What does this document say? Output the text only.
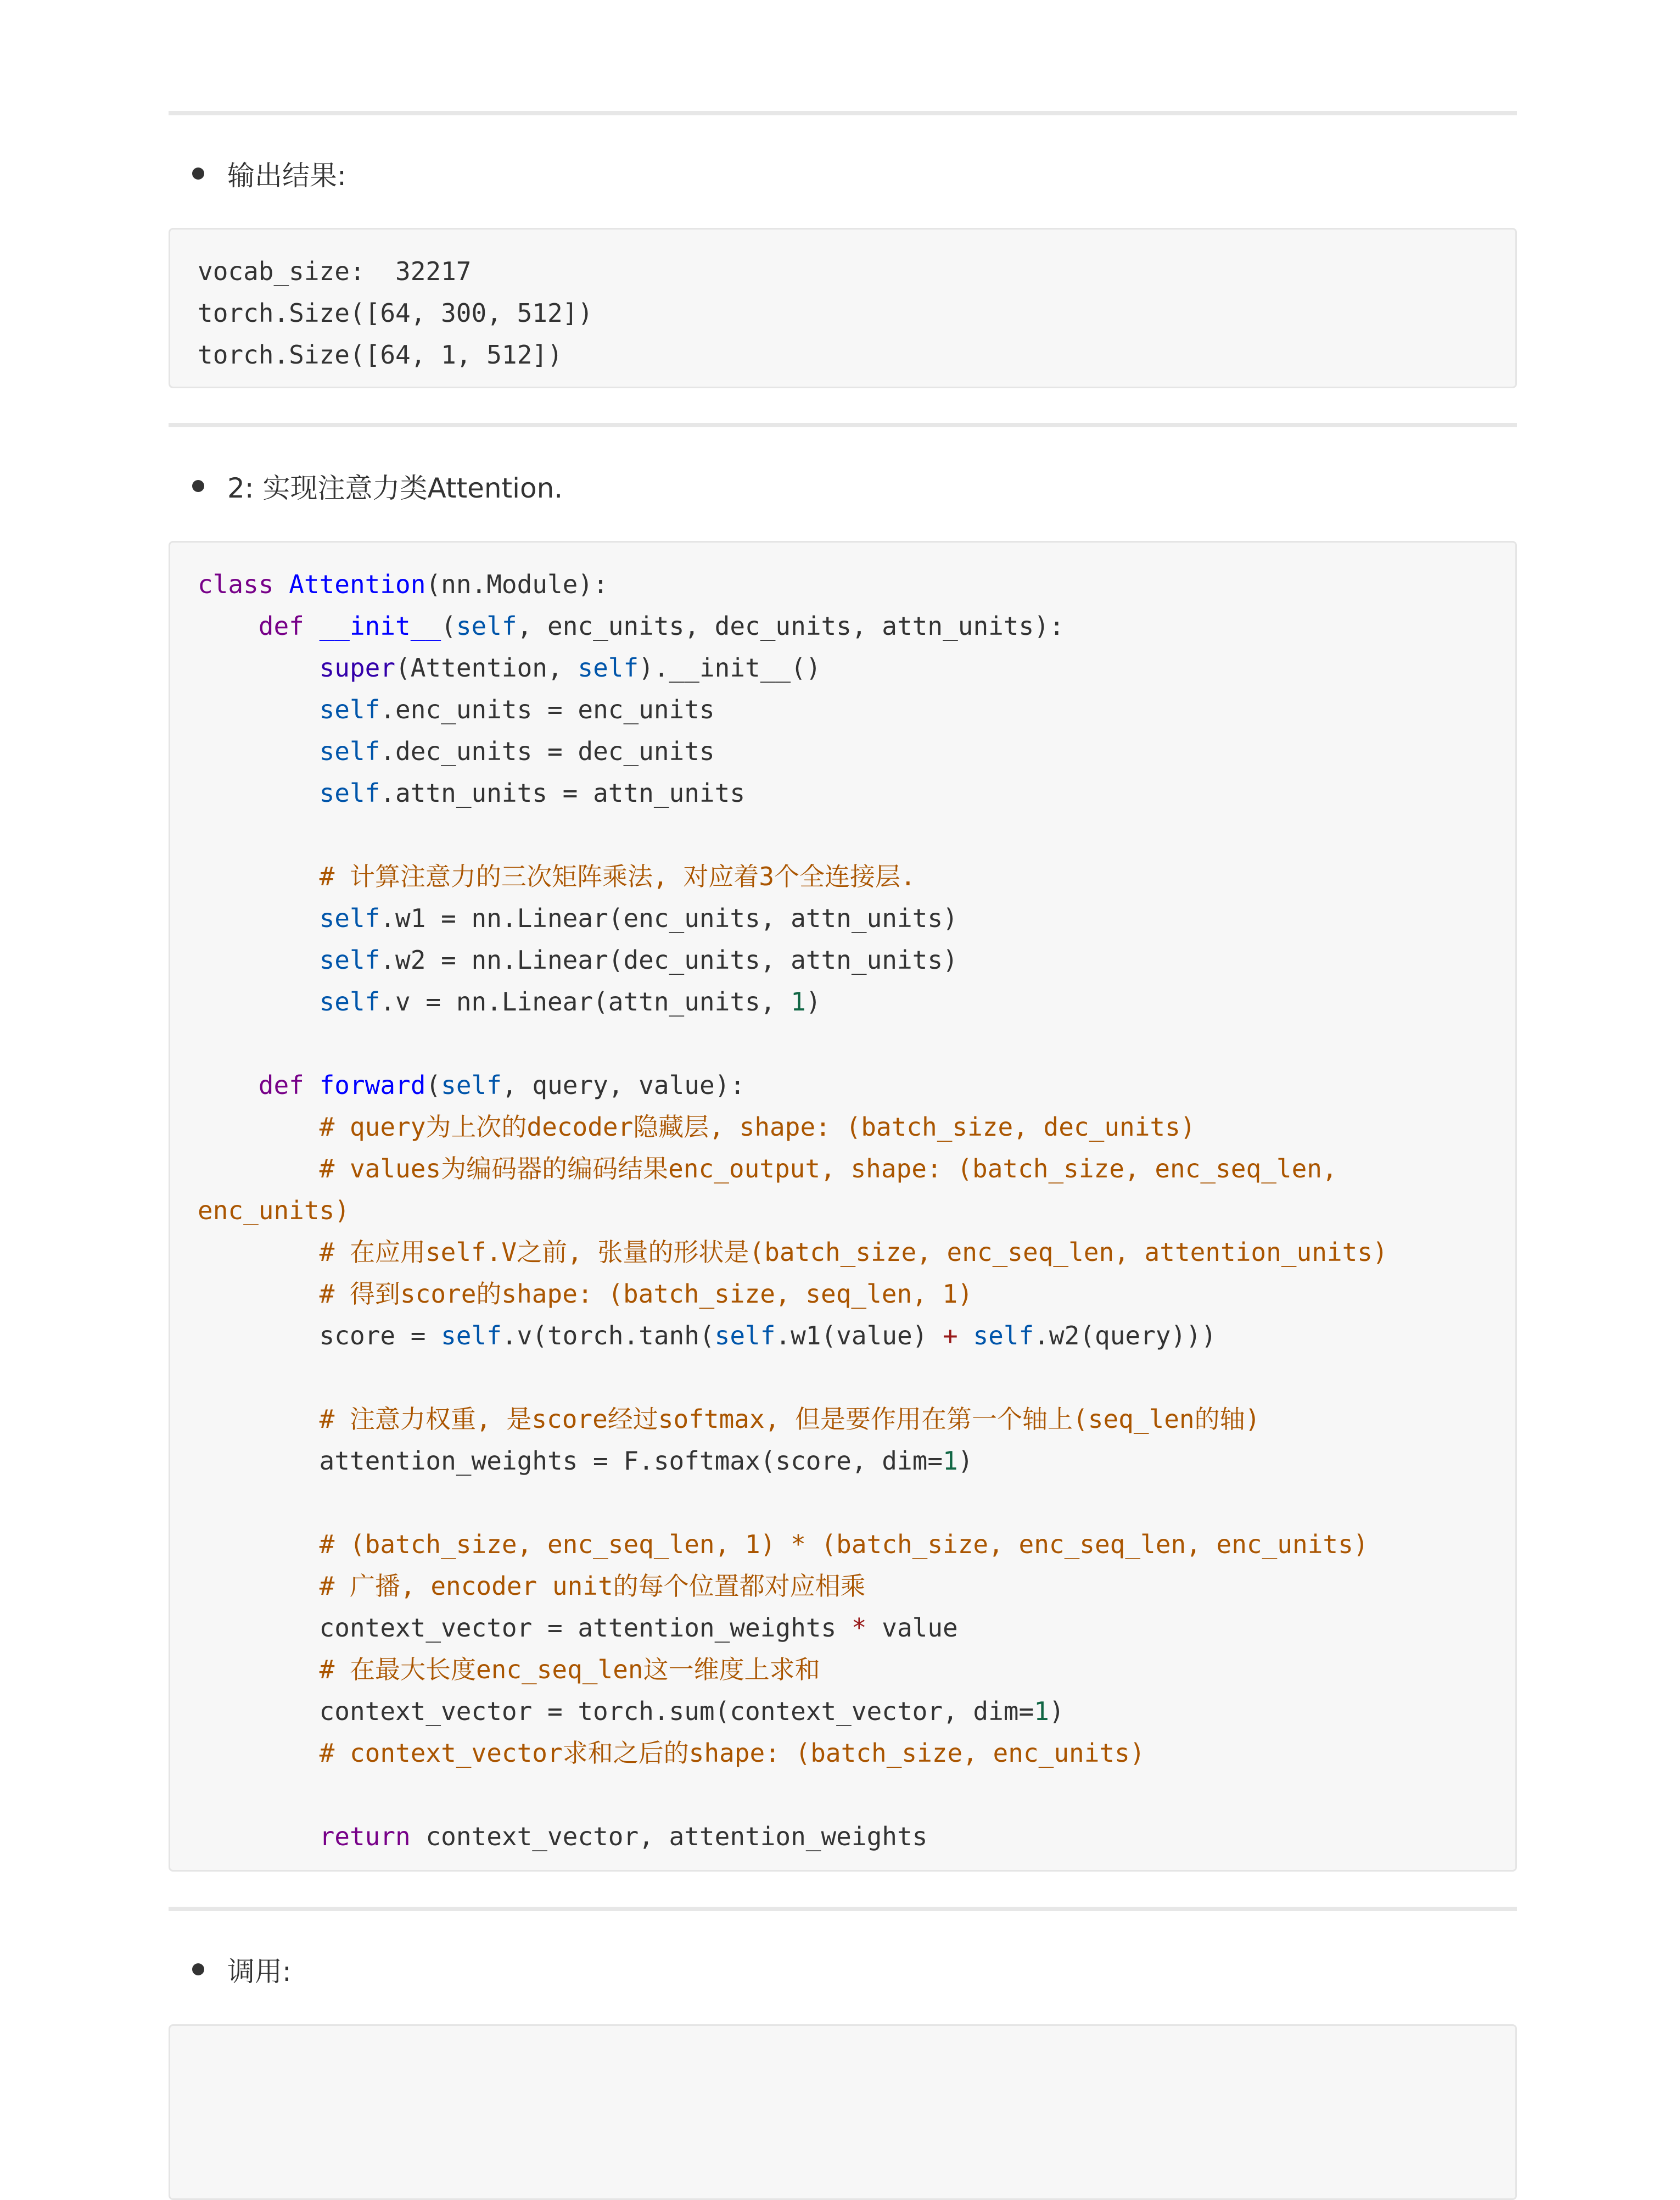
输出结果:
vocab_size:  32217
torch.Size([64, 300, 512])
torch.Size([64, 1, 512])
2: 实现注意力类Attention.
class Attention(nn.Module):
def __init__(self, enc_units, dec_units, attn_units):
super(Attention, self).__init__()
self.enc_units = enc_units
self.dec_units = dec_units
self.attn_units = attn_units
# 计算注意力的三次矩阵乘法, 对应着3个全连接层.
self.w1 = nn.Linear(enc_units, attn_units)
self.w2 = nn.Linear(dec_units, attn_units)
self.v = nn.Linear(attn_units, 1)
def forward(self, query, value):
# query为上次的decoder隐藏层, shape: (batch_size, dec_units)
# values为编码器的编码结果enc_output, shape: (batch_size, enc_seq_len,
enc_units)
# 在应用self.V之前, 张量的形状是(batch_size, enc_seq_len, attention_units)
# 得到score的shape: (batch_size, seq_len, 1)
score = self.v(torch.tanh(self.w1(value) + self.w2(query)))
# 注意力权重, 是score经过softmax, 但是要作用在第一个轴上(seq_len的轴)
attention_weights = F.softmax(score, dim=1)
# (batch_size, enc_seq_len, 1) * (batch_size, enc_seq_len, enc_units)
# 广播, encoder unit的每个位置都对应相乘
context_vector = attention_weights * value
# 在最大长度enc_seq_len这一维度上求和
context_vector = torch.sum(context_vector, dim=1)
# context_vector求和之后的shape: (batch_size, enc_units)
return context_vector, attention_weights
调用:
